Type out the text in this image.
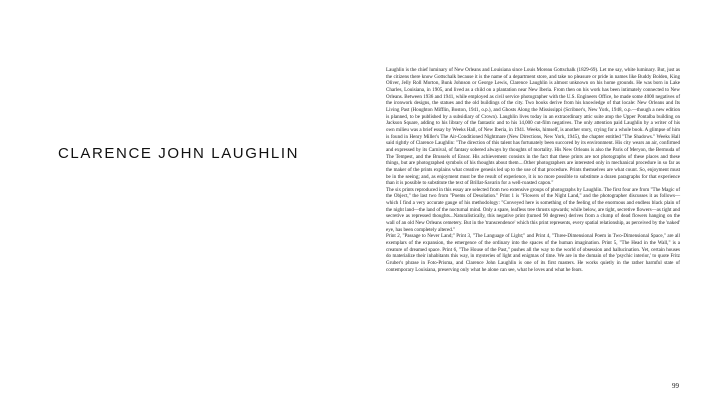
CLARENCE JOHN LAUGHLIN

Laughlin is the chief luminary of New Orleans and Louisiana since Louis Moreau Gottschalk (1829-69). Let me say, white luminary. But, just as the citizens there know Gottschalk because it is the name of a department store, and take no pleasure or pride in names like Buddy Bolden, King Oliver, Jelly Roll Morton, Bunk Johnson or George Lewis, Clarence Laughlin is almost unknown on his home grounds. He was born in Lake Charles, Louisiana, in 1905, and lived as a child on a plantation near New Iberia. From then on his work has been intimately connected to New Orleans. Between 1936 and 1941, while employed as civil service photographer with the U.S. Engineers Office, he made some 4000 negatives of the ironwork designs, the statues and the old buildings of the city. Two books derive from his knowledge of that locale: New Orleans and Its Living Past (Houghton Mifflin, Boston, 1941, o.p.), and Ghosts Along the Mississippi (Scribner's, New York, 1948, o.p.—though a new edition is planned, to be published by a subsidiary of Crown). Laughlin lives today in an extraordinary attic suite atop the Upper Pontalba building on Jackson Square, adding to his library of the fantastic and to his 14,000 cut-film negatives. The only attention paid Laughlin by a writer of his own milieu was a brief essay by Weeks Hall, of New Iberia, in 1941. Weeks, himself, is another story, crying for a whole book. A glimpse of him is found in Henry Miller's The Air-Conditioned Nightmare (New Directions, New York, 1945), the chapter entitled "The Shadows." Weeks Hall said rightly of Clarence Laughlin: "The direction of this talent has fortunately been succored by its environment. His city wears an air, confirmed and expressed by its Carnival, of fantasy sobered always by thoughts of mortality. His New Orleans is also the Paris of Meryon, the Bermuda of The Tempest, and the Brussels of Ensor. His achievement consists in the fact that these prints are not photographs of these places and these things, but are photographed symbols of his thoughts about them....Other photographers are interested only in mechanical procedure in so far as the maker of the prints explains what creative genesis led up to the use of that procedure. Prints themselves are what count. So, enjoyment must be in the seeing; and, as enjoyment must be the result of experience, it is no more possible to substitute a dozen paragraphs for that experience than it is possible to substitute the text of Brillat-Savarin for a well-roasted capon."

The six prints reproduced in this essay are selected from two extensive groups of photographs by Laughlin. The first four are from "The Magic of the Object," the last two from "Poems of Desolation." Print 1 is "Flowers of the Night Land," and the photographer discusses it as follows—which I find a very accurate gauge of his methodology: "Conveyed here is something of the feeling of the enormous and endless black plain of the night land—the land of the nocturnal mind. Only a spare, leafless tree thrusts upwards; while below, are tight, secretive flowers—as tight and secretive as repressed thoughts...Naturalistically, this negative print (turned 90 degrees) derives from a clump of dead flowers hanging on the wall of an old New Orleans cemetery. But in the 'transcendence' which this print represents, every spatial relationship, as perceived by the 'naked' eye, has been completely altered."

Print 2, "Passage to Never Land;" Print 3, "The Language of Light;" and Print 4, "Three-Dimensional Poem in Two-Dimensional Space," are all exemplars of the expansion, the emergence of the ordinary into the spaces of the human imagination. Print 5, "The Head in the Wall," is a creature of dreamed space. Print 6, "The House of the Past," pushes all the way to the world of obsession and hallucination. Yet, certain houses do materialize their inhabitants this way, in mysteries of light and enigmas of time. We are in the domain of the 'psychic interior,' to quote Fritz Gruber's phrase in Foto-Prisma, and Clarence John Laughlin is one of its first masters. He works quietly in the rather harmful state of contemporary Louisiana, preserving only what he alone can see, what he loves and what he fears.

99
